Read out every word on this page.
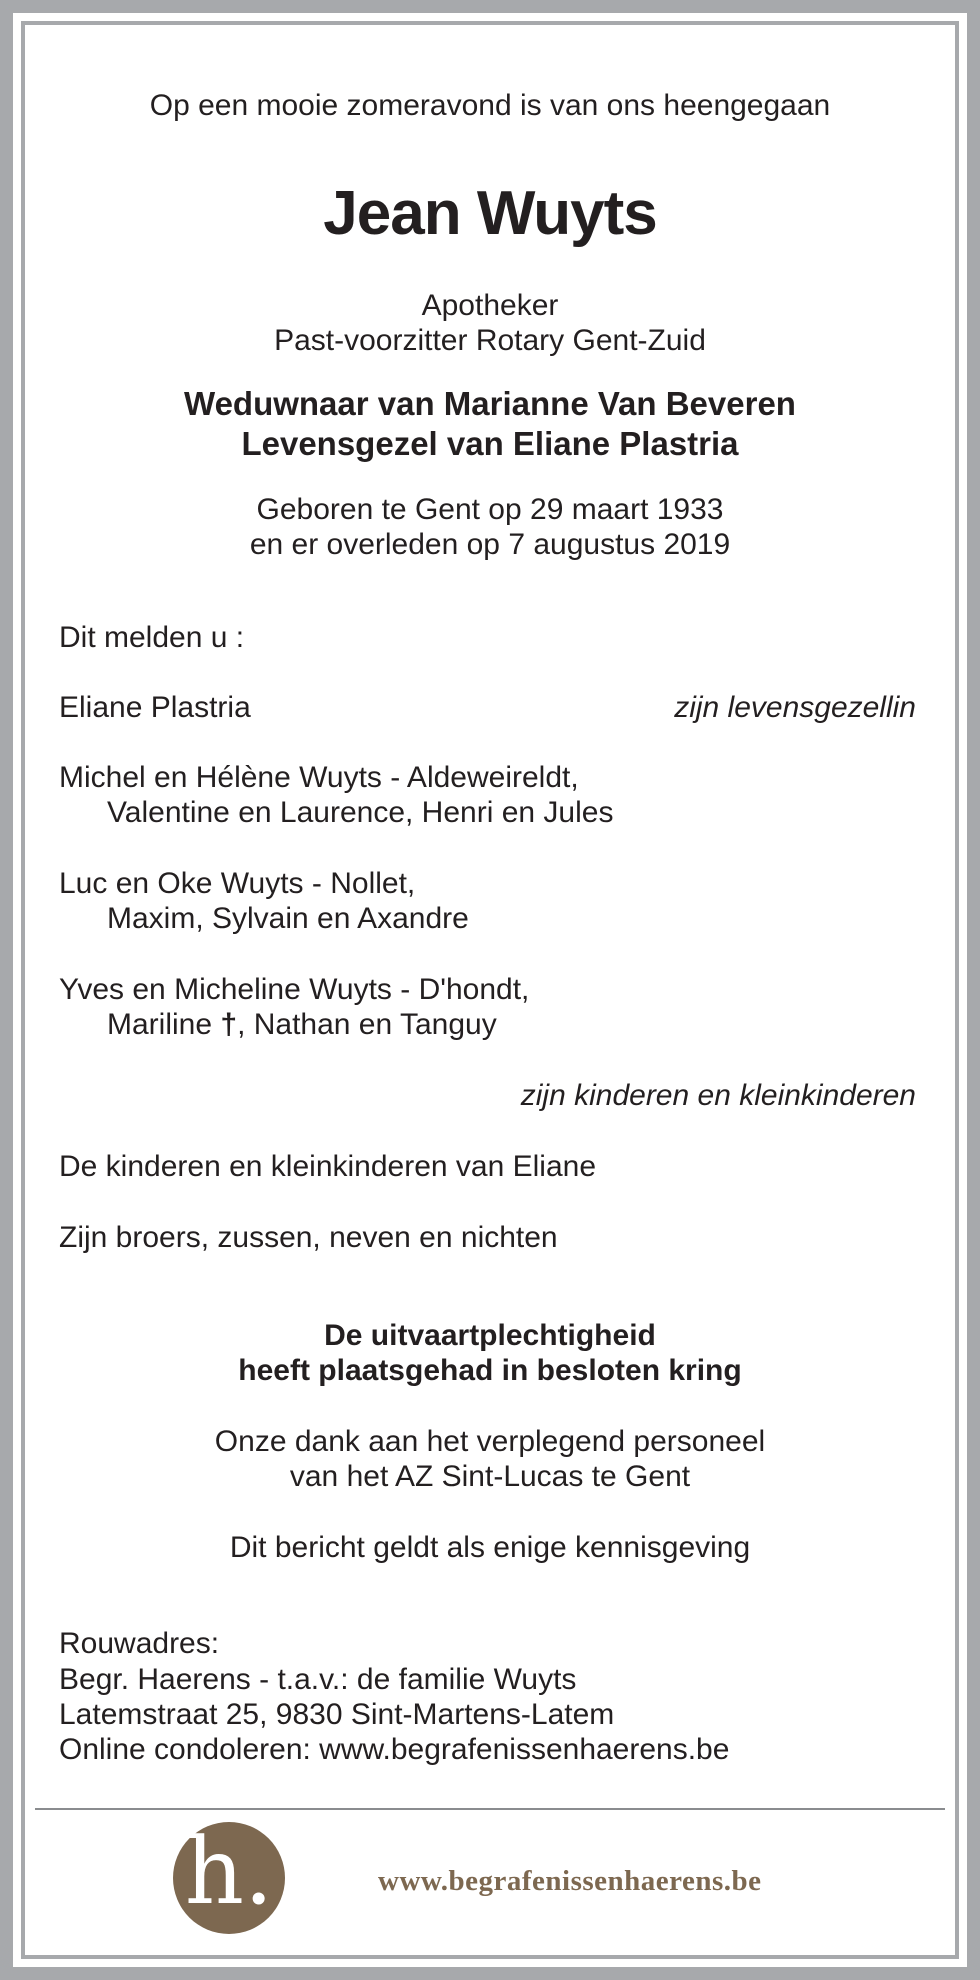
Op een mooie zomeravond is van ons heengegaan
Jean Wuyts
Apotheker
Past-voorzitter Rotary Gent-Zuid
Weduwnaar van Marianne Van Beveren
Levensgezel van Eliane Plastria
Geboren te Gent op 29 maart 1933
en er overleden op 7 augustus 2019
Dit melden u :
Eliane Plastria	zijn levensgezellin
Michel en Hélène Wuyts - Aldeweireldt,
Valentine en Laurence, Henri en Jules
Luc en Oke Wuyts - Nollet,
Maxim, Sylvain en Axandre
Yves en Micheline Wuyts - D'hondt,
Mariline †, Nathan en Tanguy
zijn kinderen en kleinkinderen
De kinderen en kleinkinderen van Eliane
Zijn broers, zussen, neven en nichten
De uitvaartplechtigheid
heeft plaatsgehad in besloten kring
Onze dank aan het verplegend personeel
van het AZ Sint-Lucas te Gent
Dit bericht geldt als enige kennisgeving
Rouwadres:
Begr. Haerens - t.a.v.: de familie Wuyts
Latemstraat 25, 9830 Sint-Martens-Latem
Online condoleren: www.begrafenissenhaerens.be
h.	www.begrafenissenhaerens.be
